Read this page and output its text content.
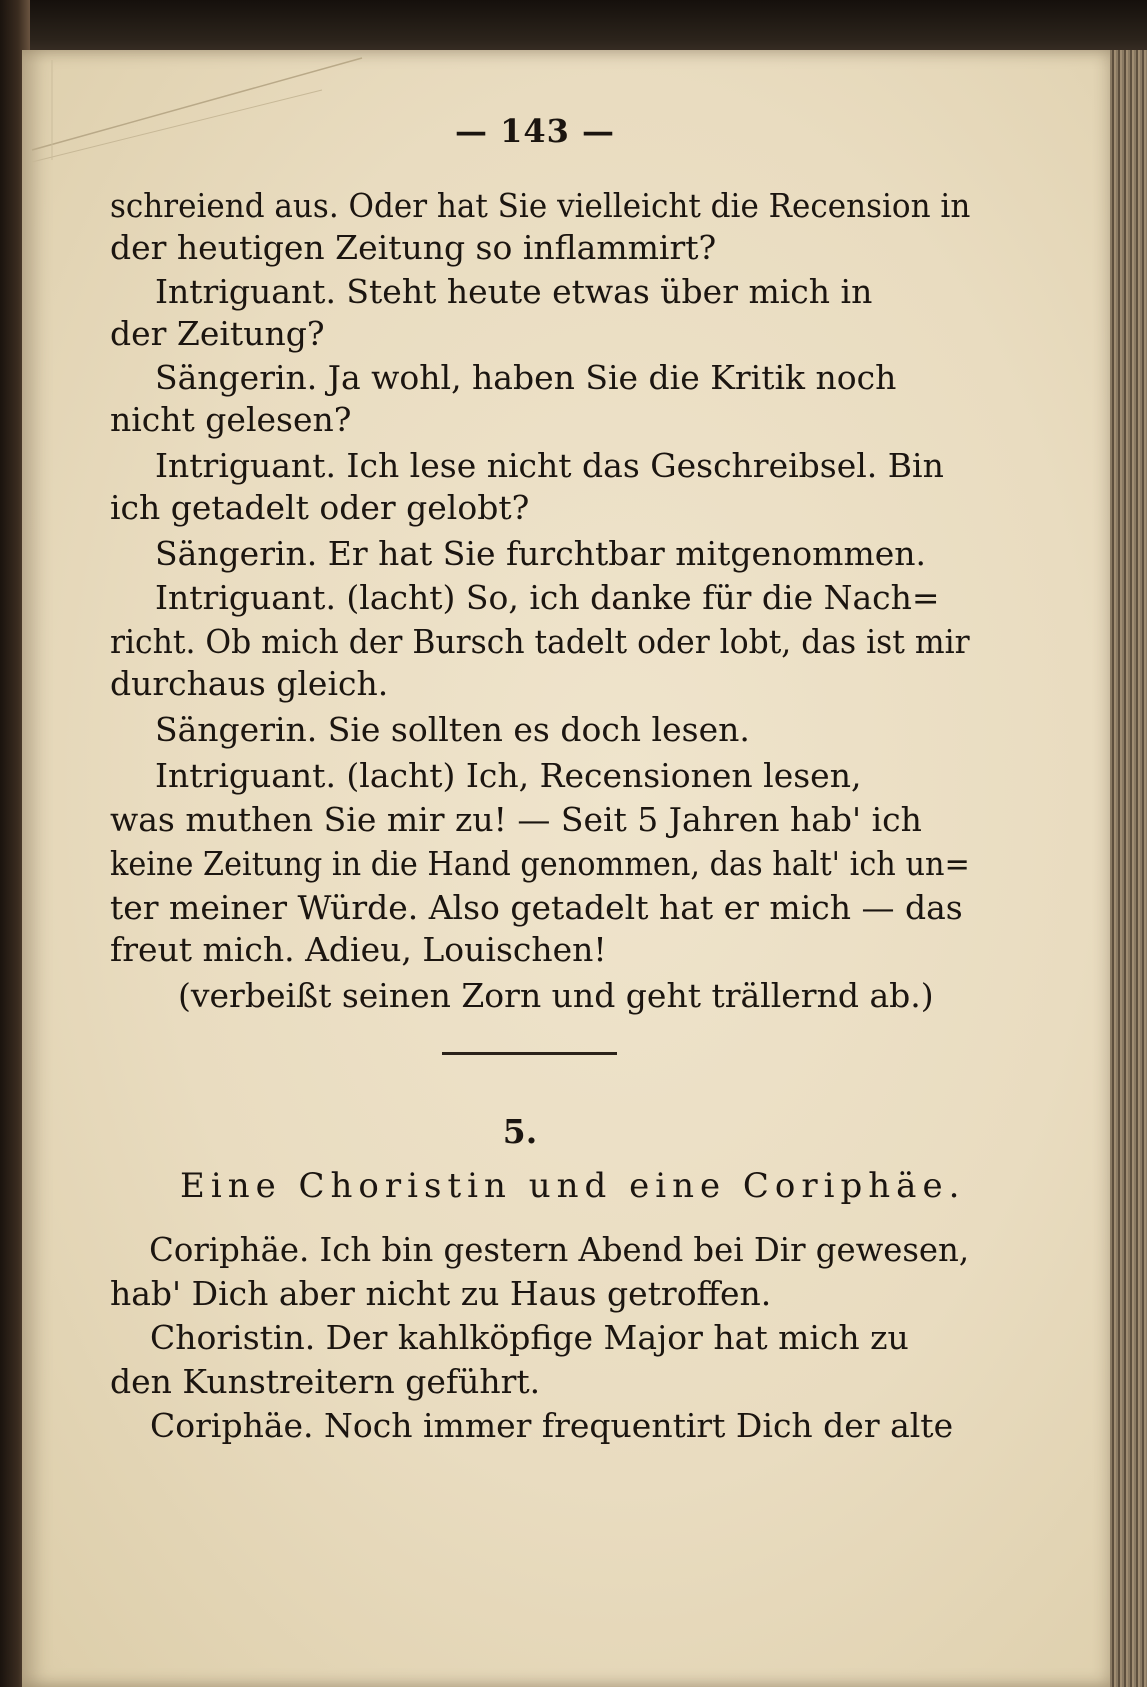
— 143 —
schreiend aus. Oder hat Sie vielleicht die Recension in
der heutigen Zeitung so inflammirt?
Intriguant. Steht heute etwas über mich in
der Zeitung?
Sängerin. Ja wohl, haben Sie die Kritik noch
nicht gelesen?
Intriguant. Ich lese nicht das Geschreibsel. Bin
ich getadelt oder gelobt?
Sängerin. Er hat Sie furchtbar mitgenommen.
Intriguant. (lacht) So, ich danke für die Nach=
richt. Ob mich der Bursch tadelt oder lobt, das ist mir
durchaus gleich.
Sängerin. Sie sollten es doch lesen.
Intriguant. (lacht) Ich, Recensionen lesen,
was muthen Sie mir zu! — Seit 5 Jahren hab' ich
keine Zeitung in die Hand genommen, das halt' ich un=
ter meiner Würde. Also getadelt hat er mich — das
freut mich. Adieu, Louischen!
(verbeißt seinen Zorn und geht trällernd ab.)
5.
Eine Choristin und eine Coriphäe.
Coriphäe. Ich bin gestern Abend bei Dir gewesen,
hab' Dich aber nicht zu Haus getroffen.
Choristin. Der kahlköpfige Major hat mich zu
den Kunstreitern geführt.
Coriphäe. Noch immer frequentirt Dich der alte
